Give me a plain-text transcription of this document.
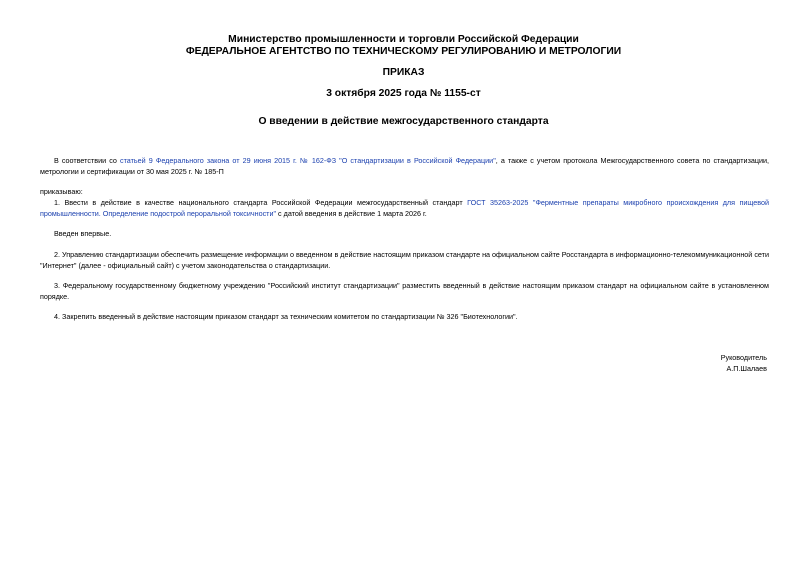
Министерство промышленности и торговли Российской Федерации
ФЕДЕРАЛЬНОЕ АГЕНТСТВО ПО ТЕХНИЧЕСКОМУ РЕГУЛИРОВАНИЮ И МЕТРОЛОГИИ
ПРИКАЗ
3 октября 2025 года № 1155-ст
О введении в действие межгосударственного стандарта
В соответствии со статьей 9 Федерального закона от 29 июня 2015 г. № 162-ФЗ "О стандартизации в Российской Федерации", а также с учетом протокола Межгосударственного совета по стандартизации, метрологии и сертификации от 30 мая 2025 г. № 185-П
приказываю:
1. Ввести в действие в качестве национального стандарта Российской Федерации межгосударственный стандарт ГОСТ 35263-2025 "Ферментные препараты микробного происхождения для пищевой промышленности. Определение подострой пероральной токсичности" с датой введения в действие 1 марта 2026 г.
Введен впервые.
2. Управлению стандартизации обеспечить размещение информации о введенном в действие настоящим приказом стандарте на официальном сайте Росстандарта в информационно-телекоммуникационной сети "Интернет" (далее - официальный сайт) с учетом законодательства о стандартизации.
3. Федеральному государственному бюджетному учреждению "Российский институт стандартизации" разместить введенный в действие настоящим приказом стандарт на официальном сайте в установленном порядке.
4. Закрепить введенный в действие настоящим приказом стандарт за техническим комитетом по стандартизации № 326 "Биотехнологии".
Руководитель
А.П.Шалаев
